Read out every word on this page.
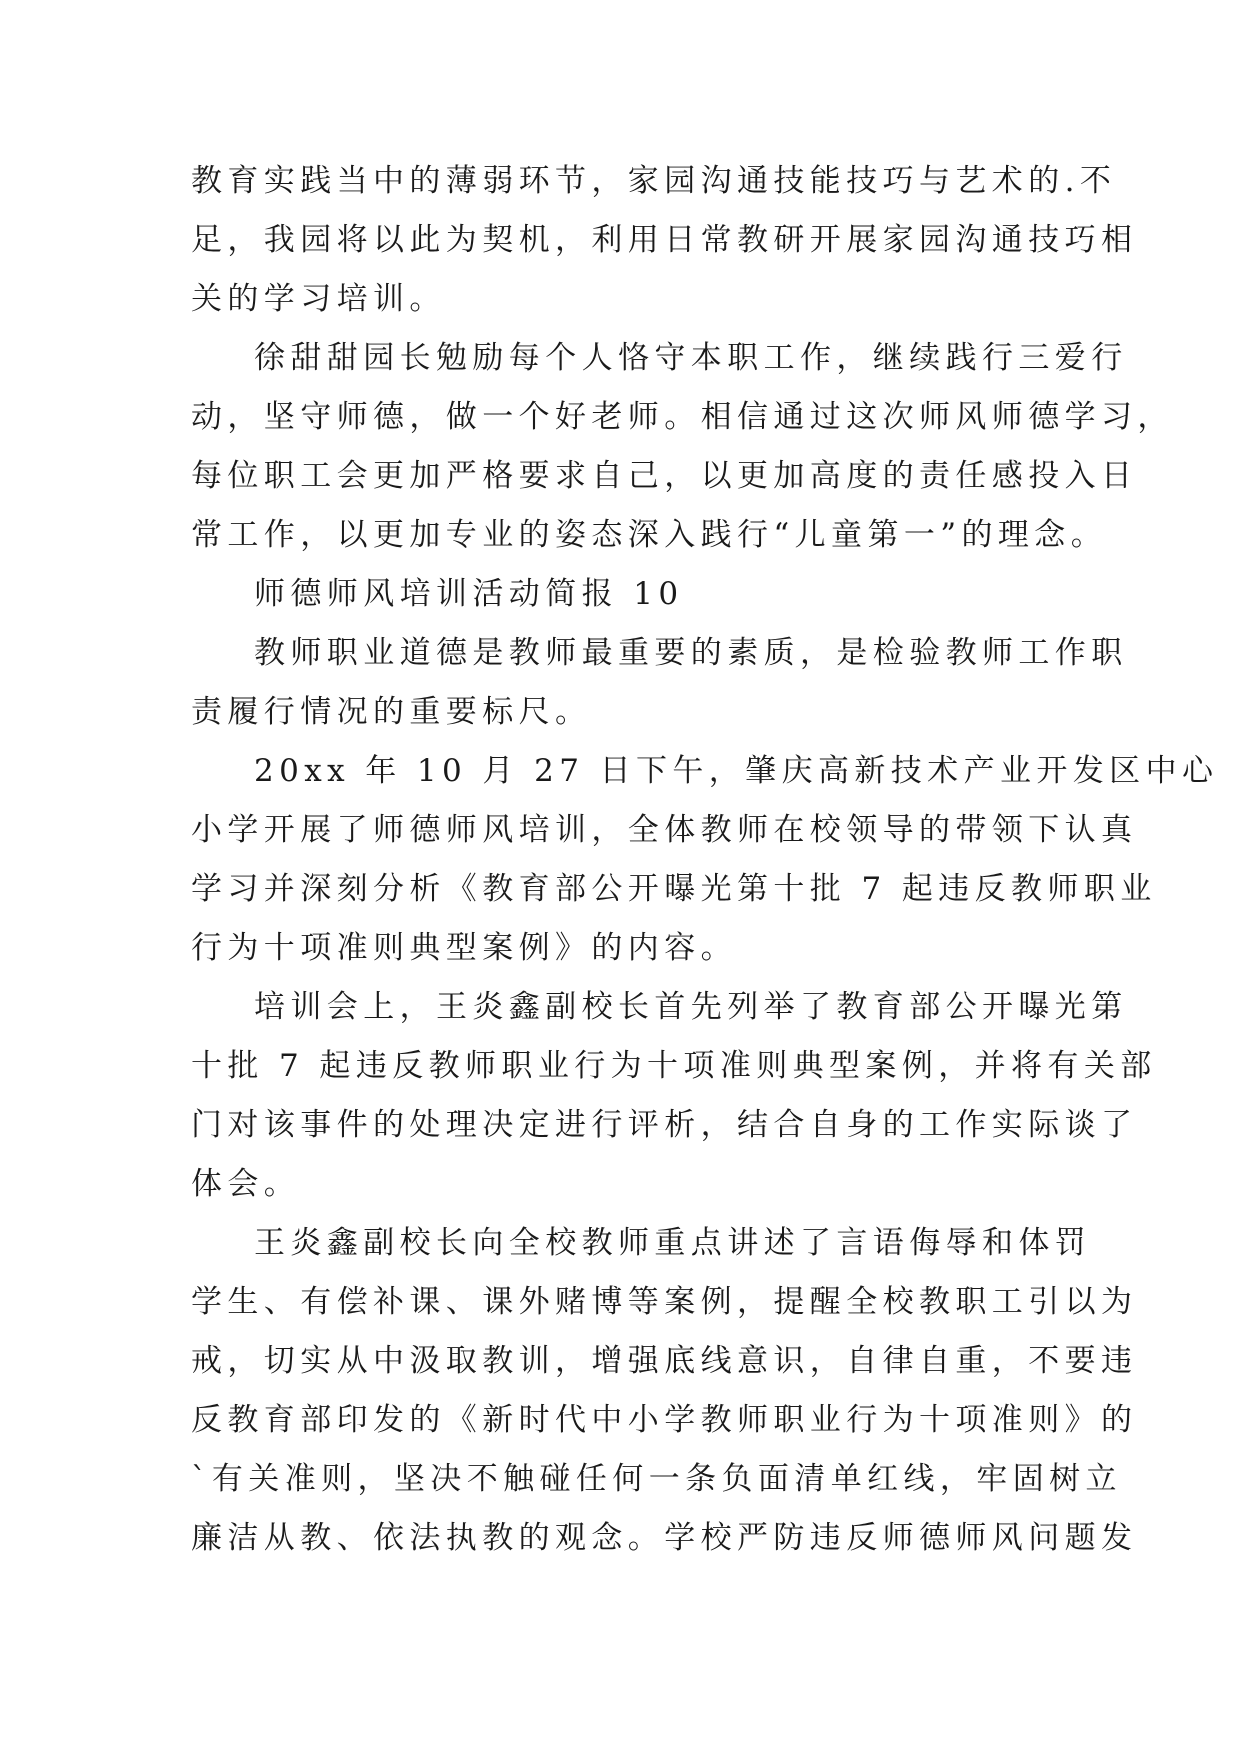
教育实践当中的薄弱环节，家园沟通技能技巧与艺术的.不
足，我园将以此为契机，利用日常教研开展家园沟通技巧相
关的学习培训。
徐甜甜园长勉励每个人恪守本职工作，继续践行三爱行
动，坚守师德，做一个好老师。相信通过这次师风师德学习，
每位职工会更加严格要求自己，以更加高度的责任感投入日
常工作，以更加专业的姿态深入践行“儿童第一”的理念。
师德师风培训活动简报 10
教师职业道德是教师最重要的素质，是检验教师工作职
责履行情况的重要标尺。
20xx 年 10 月 27 日下午，肇庆高新技术产业开发区中心
小学开展了师德师风培训，全体教师在校领导的带领下认真
学习并深刻分析《教育部公开曝光第十批 7 起违反教师职业
行为十项准则典型案例》的内容。
培训会上，王炎鑫副校长首先列举了教育部公开曝光第
十批 7 起违反教师职业行为十项准则典型案例，并将有关部
门对该事件的处理决定进行评析，结合自身的工作实际谈了
体会。
王炎鑫副校长向全校教师重点讲述了言语侮辱和体罚
学生、有偿补课、课外赌博等案例，提醒全校教职工引以为
戒，切实从中汲取教训，增强底线意识，自律自重，不要违
反教育部印发的《新时代中小学教师职业行为十项准则》的
`有关准则，坚决不触碰任何一条负面清单红线，牢固树立
廉洁从教、依法执教的观念。学校严防违反师德师风问题发
